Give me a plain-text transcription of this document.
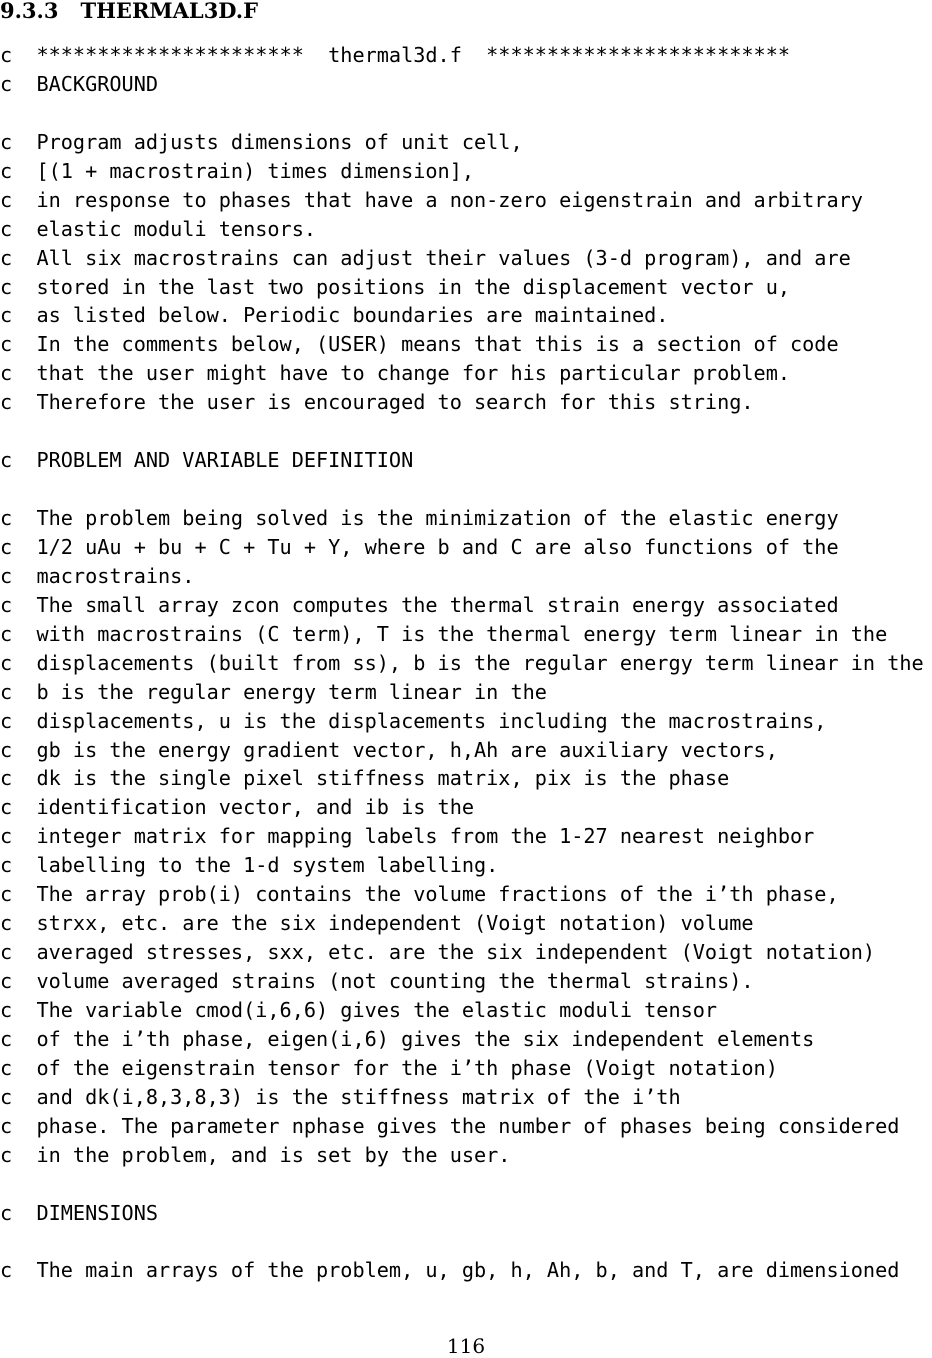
9.3.3 THERMAL3D.F
c  **********************  thermal3d.f  *************************
c  BACKGROUND
c  Program adjusts dimensions of unit cell,
c  [(1 + macrostrain) times dimension],
c  in response to phases that have a non-zero eigenstrain and arbitrary
c  elastic moduli tensors.
c  All six macrostrains can adjust their values (3-d program), and are
c  stored in the last two positions in the displacement vector u,
c  as listed below. Periodic boundaries are maintained.
c  In the comments below, (USER) means that this is a section of code
c  that the user might have to change for his particular problem.
c  Therefore the user is encouraged to search for this string.
c  PROBLEM AND VARIABLE DEFINITION
c  The problem being solved is the minimization of the elastic energy
c  1/2 uAu + bu + C + Tu + Y, where b and C are also functions of the
c  macrostrains.
c  The small array zcon computes the thermal strain energy associated
c  with macrostrains (C term), T is the thermal energy term linear in the
c  displacements (built from ss), b is the regular energy term linear in the
c  b is the regular energy term linear in the
c  displacements, u is the displacements including the macrostrains,
c  gb is the energy gradient vector, h,Ah are auxiliary vectors,
c  dk is the single pixel stiffness matrix, pix is the phase
c  identification vector, and ib is the
c  integer matrix for mapping labels from the 1-27 nearest neighbor
c  labelling to the 1-d system labelling.
c  The array prob(i) contains the volume fractions of the i’th phase,
c  strxx, etc. are the six independent (Voigt notation) volume
c  averaged stresses, sxx, etc. are the six independent (Voigt notation)
c  volume averaged strains (not counting the thermal strains).
c  The variable cmod(i,6,6) gives the elastic moduli tensor
c  of the i’th phase, eigen(i,6) gives the six independent elements
c  of the eigenstrain tensor for the i’th phase (Voigt notation)
c  and dk(i,8,3,8,3) is the stiffness matrix of the i’th
c  phase. The parameter nphase gives the number of phases being considered
c  in the problem, and is set by the user.
c  DIMENSIONS
c  The main arrays of the problem, u, gb, h, Ah, b, and T, are dimensioned
116
